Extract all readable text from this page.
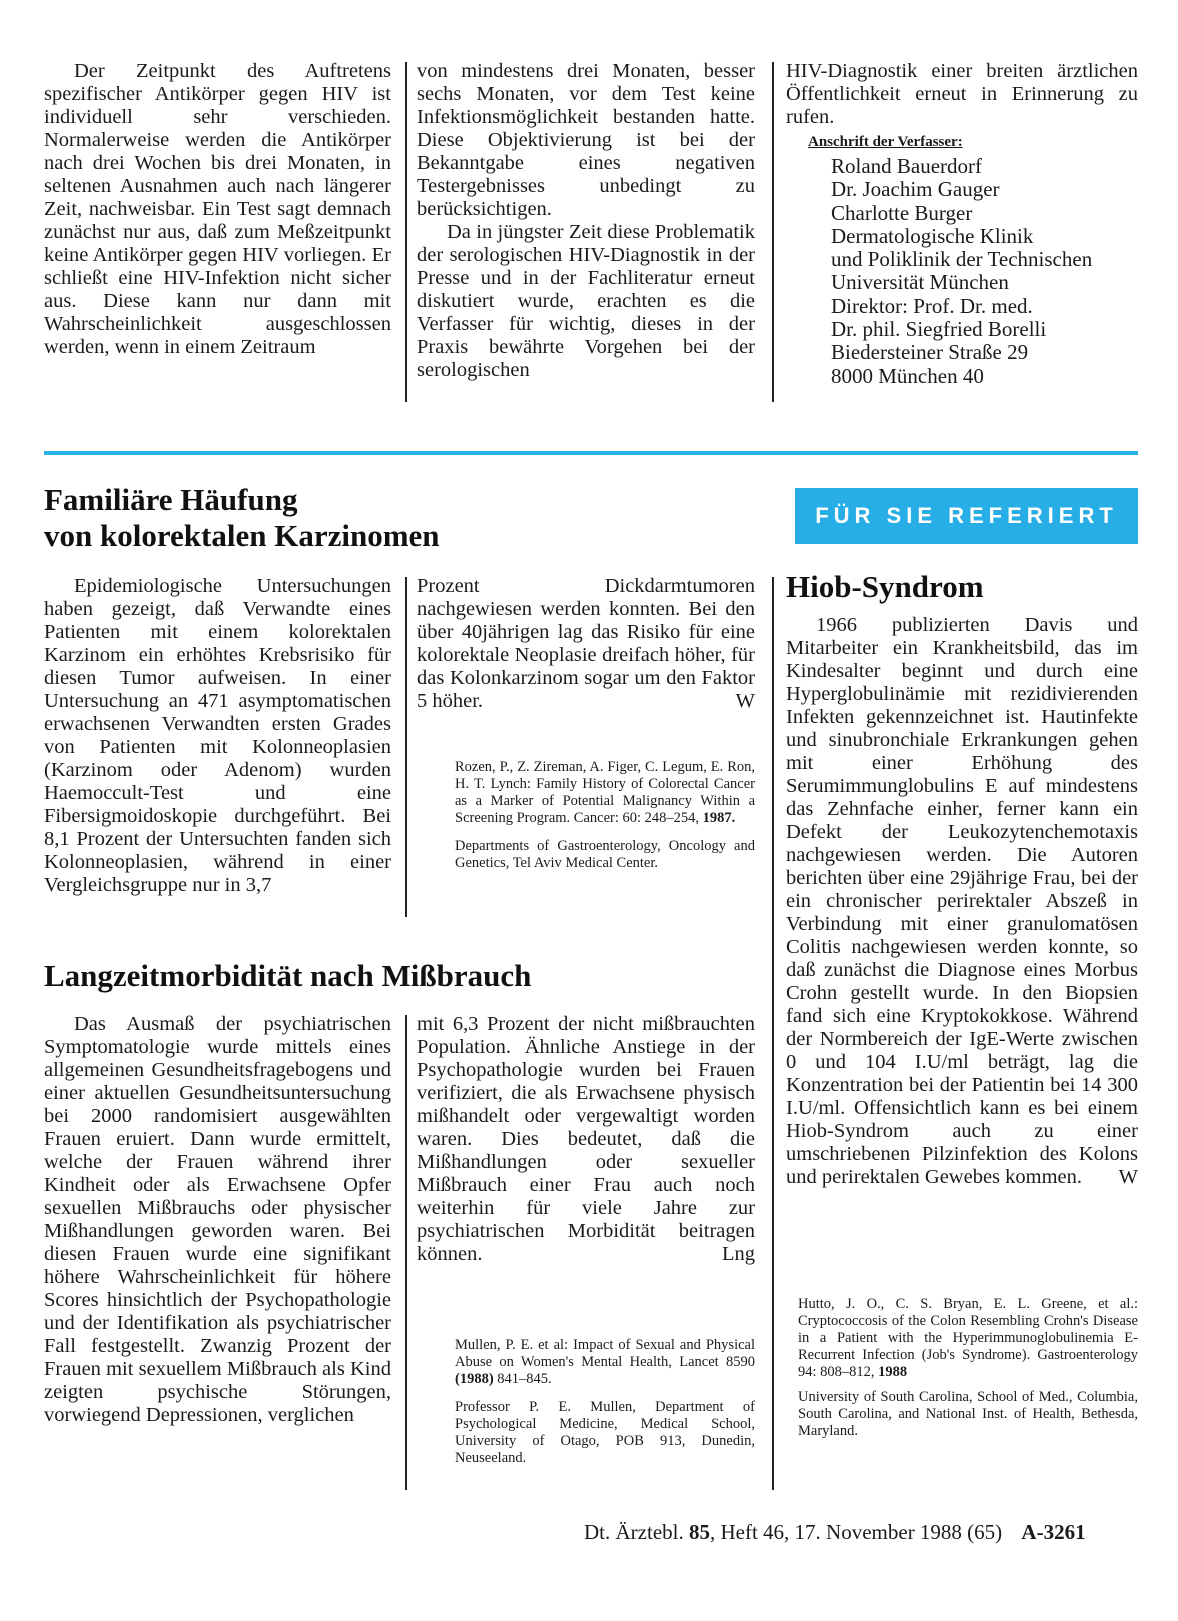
Der Zeitpunkt des Auftretens spezifischer Antikörper gegen HIV ist individuell sehr verschieden. Normalerweise werden die Antikörper nach drei Wochen bis drei Monaten, in seltenen Ausnahmen auch nach längerer Zeit, nachweisbar. Ein Test sagt demnach zunächst nur aus, daß zum Meßzeitpunkt keine Antikörper gegen HIV vorliegen. Er schließt eine HIV-Infektion nicht sicher aus. Diese kann nur dann mit Wahrscheinlichkeit ausgeschlossen werden, wenn in einem Zeitraum

von mindestens drei Monaten, besser sechs Monaten, vor dem Test keine Infektionsmöglichkeit bestanden hatte. Diese Objektivierung ist bei der Bekanntgabe eines negativen Testergebnisses unbedingt zu berücksichtigen.

Da in jüngster Zeit diese Problematik der serologischen HIV-Diagnostik in der Presse und in der Fachliteratur erneut diskutiert wurde, erachten es die Verfasser für wichtig, dieses in der Praxis bewährte Vorgehen bei der serologischen

HIV-Diagnostik einer breiten ärztlichen Öffentlichkeit erneut in Erinnerung zu rufen.

Anschrift der Verfasser:
Roland Bauerdorf
Dr. Joachim Gauger
Charlotte Burger
Dermatologische Klinik
und Poliklinik der Technischen
Universität München
Direktor: Prof. Dr. med.
Dr. phil. Siegfried Borelli
Biedersteiner Straße 29
8000 München 40
Familiäre Häufung
von kolorektalen Karzinomen
FÜR SIE REFERIERT

Epidemiologische Untersuchungen haben gezeigt, daß Verwandte eines Patienten mit einem kolorektalen Karzinom ein erhöhtes Krebsrisiko für diesen Tumor aufweisen. In einer Untersuchung an 471 asymptomatischen erwachsenen Verwandten ersten Grades von Patienten mit Kolonneoplasien (Karzinom oder Adenom) wurden Haemoccult-Test und eine Fibersigmoidoskopie durchgeführt. Bei 8,1 Prozent der Untersuchten fanden sich Kolonneoplasien, während in einer Vergleichsgruppe nur in 3,7

Prozent Dickdarmtumoren nachgewiesen werden konnten. Bei den über 40jährigen lag das Risiko für eine kolorektale Neoplasie dreifach höher, für das Kolonkarzinom sogar um den Faktor 5 höher.	W

Rozen, P., Z. Zireman, A. Figer, C. Legum, E. Ron, H. T. Lynch: Family History of Colorectal Cancer as a Marker of Potential Malignancy Within a Screening Program. Cancer: 60: 248–254, 1987.

Departments of Gastroenterology, Oncology and Genetics, Tel Aviv Medical Center.

Langzeitmorbidität nach Mißbrauch

Das Ausmaß der psychiatrischen Symptomatologie wurde mittels eines allgemeinen Gesundheitsfragebogens und einer aktuellen Gesundheitsuntersuchung bei 2000 randomisiert ausgewählten Frauen eruiert. Dann wurde ermittelt, welche der Frauen während ihrer Kindheit oder als Erwachsene Opfer sexuellen Mißbrauchs oder physischer Mißhandlungen geworden waren. Bei diesen Frauen wurde eine signifikant höhere Wahrscheinlichkeit für höhere Scores hinsichtlich der Psychopathologie und der Identifikation als psychiatrischer Fall festgestellt. Zwanzig Prozent der Frauen mit sexuellem Mißbrauch als Kind zeigten psychische Störungen, vorwiegend Depressionen, verglichen

mit 6,3 Prozent der nicht mißbrauchten Population. Ähnliche Anstiege in der Psychopathologie wurden bei Frauen verifiziert, die als Erwachsene physisch mißhandelt oder vergewaltigt worden waren. Dies bedeutet, daß die Mißhandlungen oder sexueller Mißbrauch einer Frau auch noch weiterhin für viele Jahre zur psychiatrischen Morbidität beitragen können.	Lng

Mullen, P. E. et al: Impact of Sexual and Physical Abuse on Women's Mental Health, Lancet 8590 (1988) 841–845.

Professor P. E. Mullen, Department of Psychological Medicine, Medical School, University of Otago, POB 913, Dunedin, Neuseeland.

Hiob-Syndrom

1966 publizierten Davis und Mitarbeiter ein Krankheitsbild, das im Kindesalter beginnt und durch eine Hyperglobulinämie mit rezidivierenden Infekten gekennzeichnet ist. Hautinfekte und sinubronchiale Erkrankungen gehen mit einer Erhöhung des Serumimmunglobulins E auf mindestens das Zehnfache einher, ferner kann ein Defekt der Leukozytenchemotaxis nachgewiesen werden. Die Autoren berichten über eine 29jährige Frau, bei der ein chronischer perirektaler Abszeß in Verbindung mit einer granulomatösen Colitis nachgewiesen werden konnte, so daß zunächst die Diagnose eines Morbus Crohn gestellt wurde. In den Biopsien fand sich eine Kryptokokkose. Während der Normbereich der IgE-Werte zwischen 0 und 104 I.U/ml beträgt, lag die Konzentration bei der Patientin bei 14 300 I.U/ml. Offensichtlich kann es bei einem Hiob-Syndrom auch zu einer umschriebenen Pilzinfektion des Kolons und perirektalen Gewebes kommen.	W

Hutto, J. O., C. S. Bryan, E. L. Greene, et al.: Cryptococcosis of the Colon Resembling Crohn's Disease in a Patient with the Hyperimmunoglobulinemia E-Recurrent Infection (Job's Syndrome). Gastroenterology 94: 808–812, 1988

University of South Carolina, School of Med., Columbia, South Carolina, and National Inst. of Health, Bethesda, Maryland.

Dt. Ärztebl. 85, Heft 46, 17. November 1988 (65) A-3261
